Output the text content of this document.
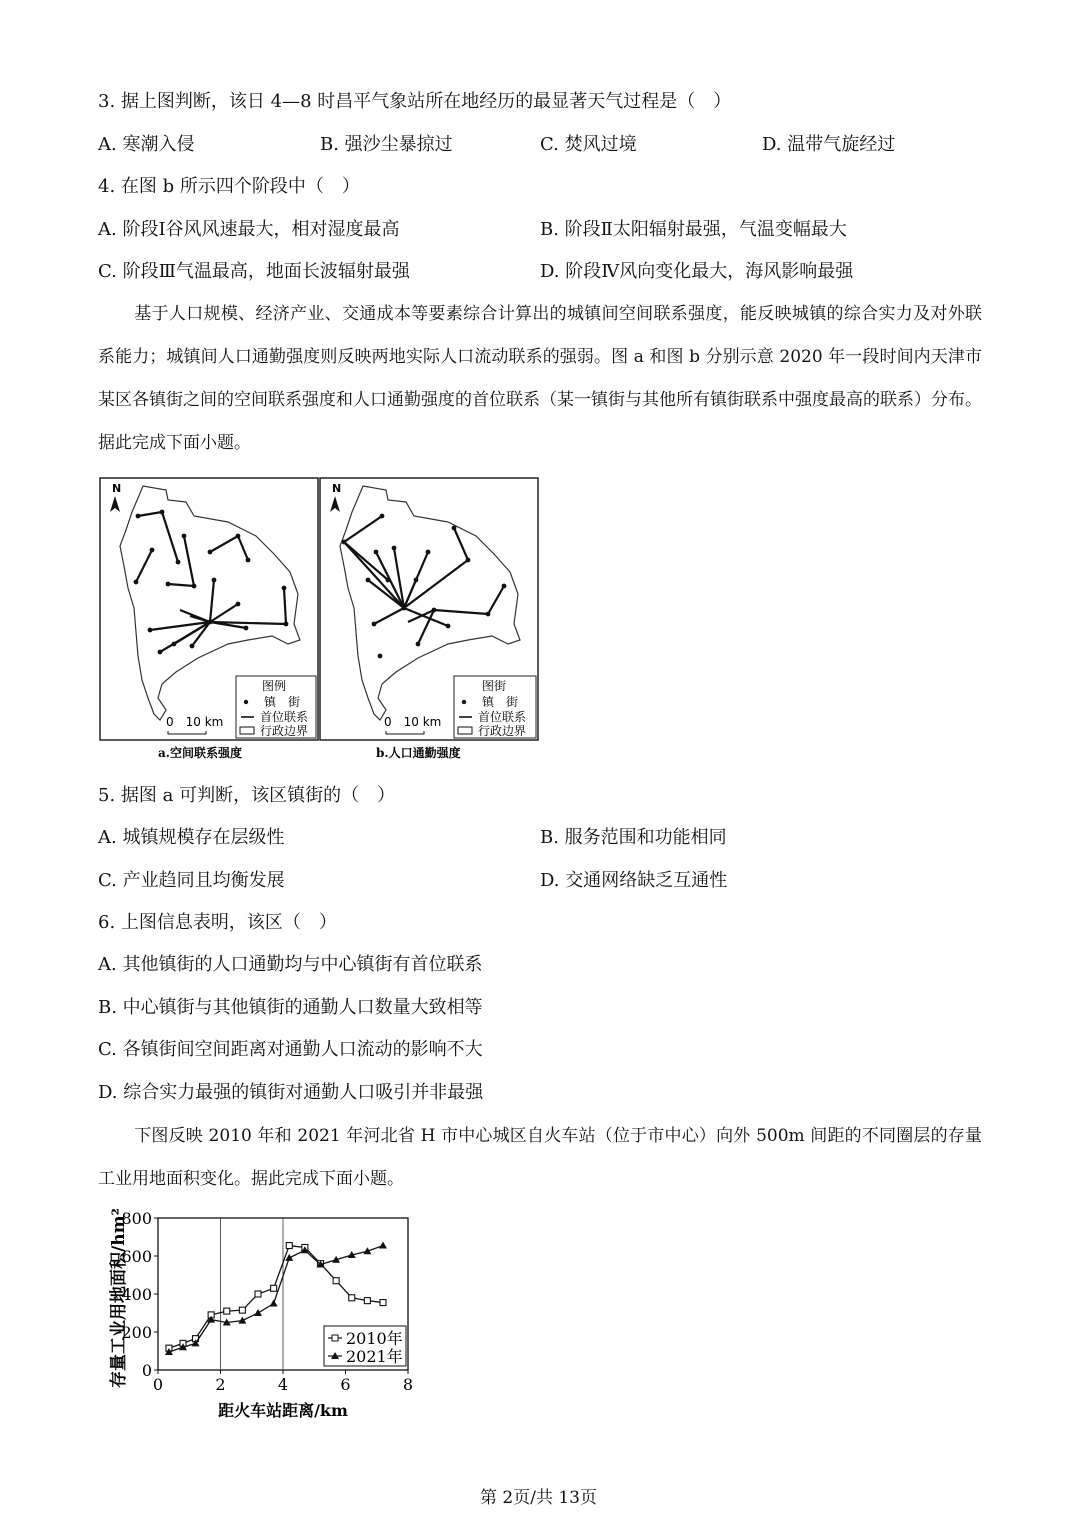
3. 据上图判断，该日 4—8 时昌平气象站所在地经历的最显著天气过程是（　）
A. 寒潮入侵	B. 强沙尘暴掠过	C. 焚风过境	D. 温带气旋经过
4. 在图 b 所示四个阶段中（　）
A. 阶段Ⅰ谷风风速最大，相对湿度最高	B. 阶段Ⅱ太阳辐射最强，气温变幅最大
C. 阶段Ⅲ气温最高，地面长波辐射最强	D. 阶段Ⅳ风向变化最大，海风影响最强
基于人口规模、经济产业、交通成本等要素综合计算出的城镇间空间联系强度，能反映城镇的综合实力及对外联系能力；城镇间人口通勤强度则反映两地实际人口流动联系的强弱。图 a 和图 b 分别示意 2020 年一段时间内天津市某区各镇街之间的空间联系强度和人口通勤强度的首位联系（某一镇街与其他所有镇街联系中强度最高的联系）分布。据此完成下面小题。
N
图例
镇　街
首位联系
行政边界
0　10 km
a.空间联系强度
N
图街
镇　街
首位联系
行政边界
0　10 km
b.人口通勤强度
5. 据图 a 可判断，该区镇街的（　）
A. 城镇规模存在层级性	B. 服务范围和功能相同
C. 产业趋同且均衡发展	D. 交通网络缺乏互通性
6. 上图信息表明，该区（　）
A. 其他镇街的人口通勤均与中心镇街有首位联系
B. 中心镇街与其他镇街的通勤人口数量大致相等
C. 各镇街间空间距离对通勤人口流动的影响不大
D. 综合实力最强的镇街对通勤人口吸引并非最强
下图反映 2010 年和 2021 年河北省 H 市中心城区自火车站（位于市中心）向外 500m 间距的不同圈层的存量工业用地面积变化。据此完成下面小题。
0	2	4	6	8
0
200
400
600
800
2010年
2021年
存量工业用地面积/hm²
距火车站距离/km
第 2页/共 13页
